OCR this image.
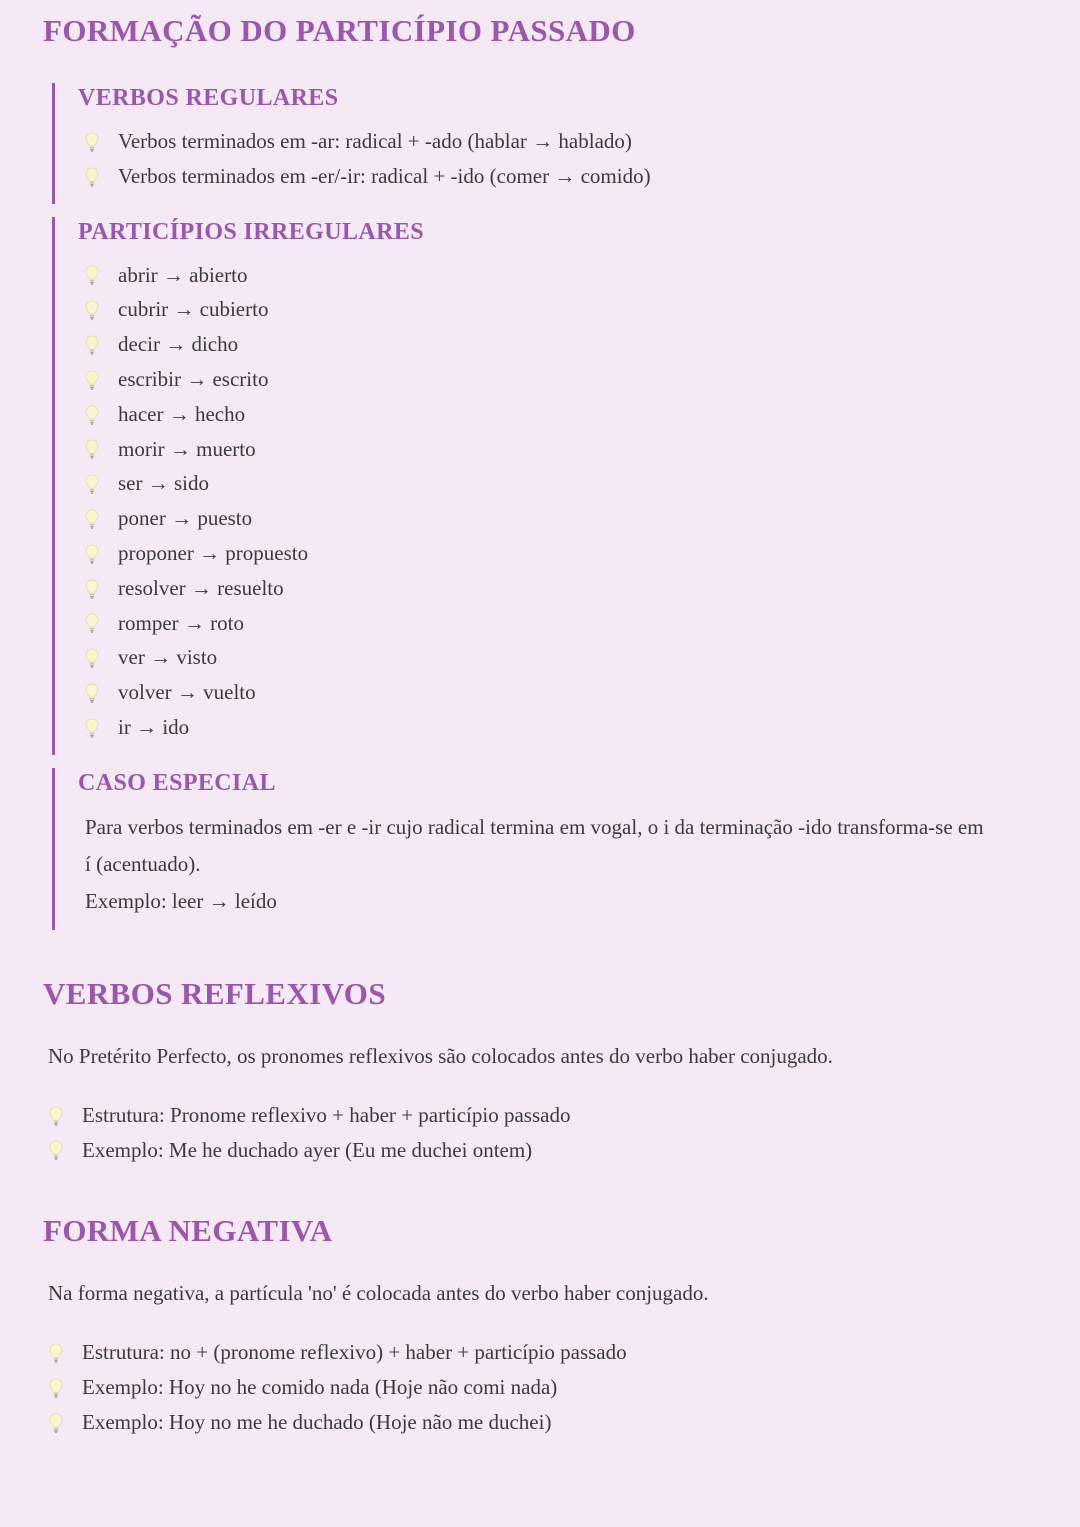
FORMAÇÃO DO PARTICÍPIO PASSADO
VERBOS REGULARES
Verbos terminados em -ar: radical + -ado (hablar → hablado)
Verbos terminados em -er/-ir: radical + -ido (comer → comido)
PARTICÍPIOS IRREGULARES
abrir → abierto
cubrir → cubierto
decir → dicho
escribir → escrito
hacer → hecho
morir → muerto
ser → sido
poner → puesto
proponer → propuesto
resolver → resuelto
romper → roto
ver → visto
volver → vuelto
ir → ido
CASO ESPECIAL

Para verbos terminados em -er e -ir cujo radical termina em vogal, o i da terminação -ido transforma-se em í (acentuado).

Exemplo: leer → leído

VERBOS REFLEXIVOS

No Pretérito Perfecto, os pronomes reflexivos são colocados antes do verbo haber conjugado.

Estrutura: Pronome reflexivo + haber + particípio passado
Exemplo: Me he duchado ayer (Eu me duchei ontem)
FORMA NEGATIVA

Na forma negativa, a partícula 'no' é colocada antes do verbo haber conjugado.

Estrutura: no + (pronome reflexivo) + haber + particípio passado
Exemplo: Hoy no he comido nada (Hoje não comi nada)
Exemplo: Hoy no me he duchado (Hoje não me duchei)
